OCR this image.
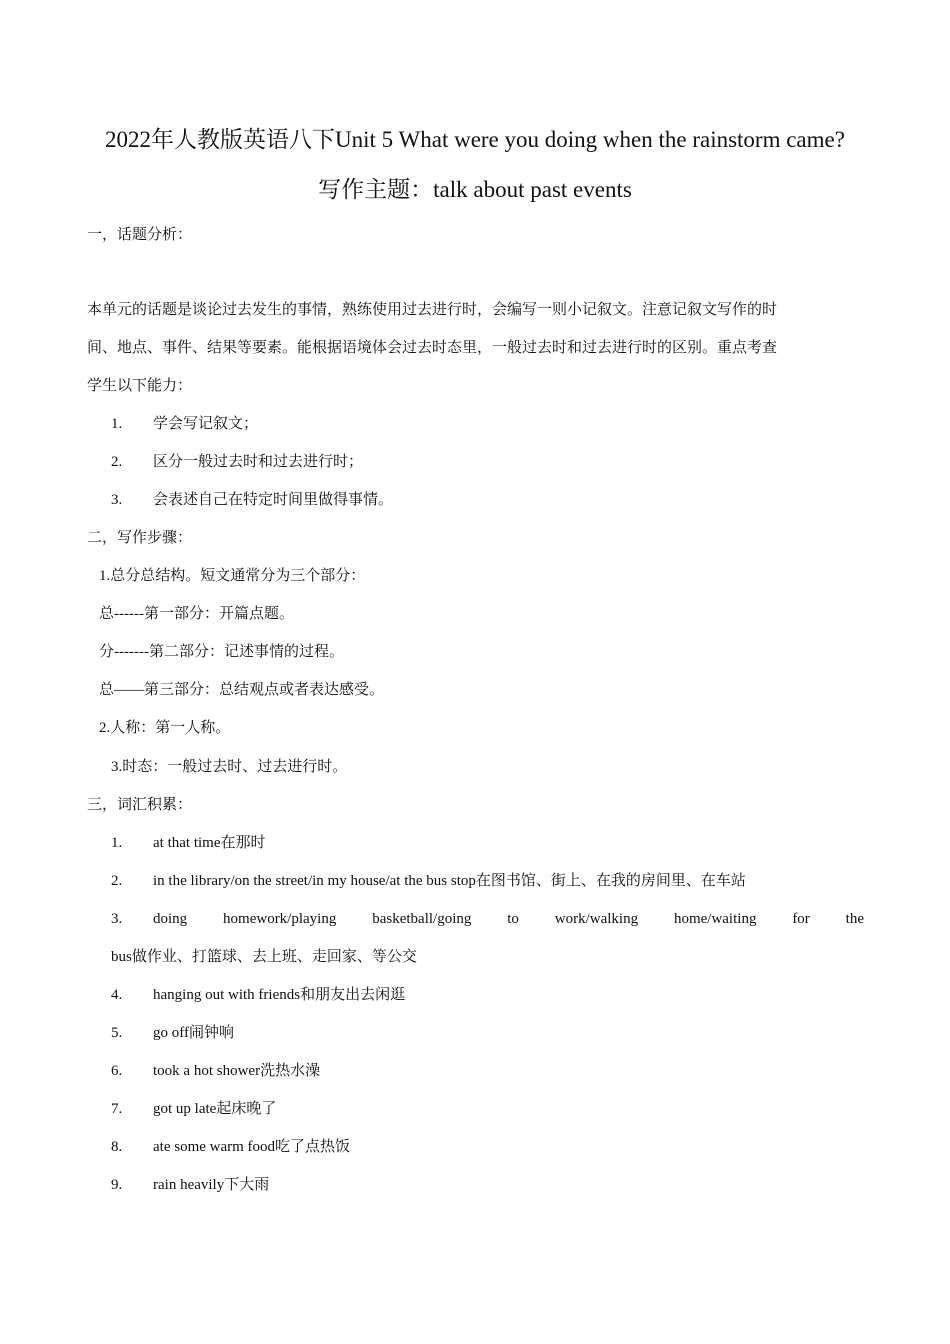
2022年人教版英语八下Unit 5 What were you doing when the rainstorm came?
写作主题：talk about past events
一，话题分析：
本单元的话题是谈论过去发生的事情，熟练使用过去进行时，会编写一则小记叙文。注意记叙文写作的时
间、地点、事件、结果等要素。能根据语境体会过去时态里，一般过去时和过去进行时的区别。重点考查
学生以下能力：
1. 学会写记叙文；
2. 区分一般过去时和过去进行时；
3. 会表述自己在特定时间里做得事情。
二，写作步骤：
1.总分总结构。短文通常分为三个部分：
总------第一部分：开篇点题。
分-------第二部分：记述事情的过程。
总——第三部分：总结观点或者表达感受。
2.人称：第一人称。
3.时态：一般过去时、过去进行时。
三，词汇积累：
1. at that time在那时
2. in the library/on the street/in my house/at the bus stop在图书馆、街上、在我的房间里、在车站
3. doing homework/playing basketball/going to work/walking home/waiting for the
bus做作业、打篮球、去上班、走回家、等公交
4. hanging out with friends和朋友出去闲逛
5. go off闹钟响
6. took a hot shower洗热水澡
7. got up late起床晚了
8. ate some warm food吃了点热饭
9. rain heavily下大雨
